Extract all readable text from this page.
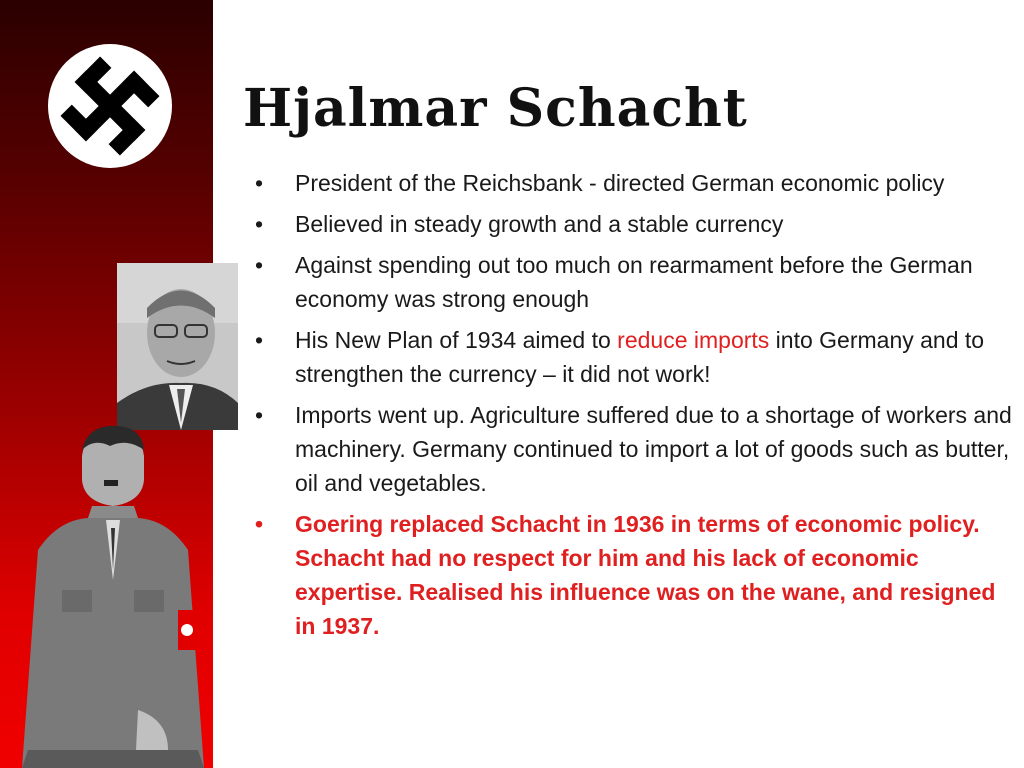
Hjalmar Schacht
• President of the Reichsbank - directed German economic policy
• Believed in steady growth and a stable currency
• Against spending out too much on rearmament before the German economy was strong enough
• His New Plan of 1934 aimed to reduce imports into Germany and to strengthen the currency – it did not work!
• Imports went up. Agriculture suffered due to a shortage of workers and machinery. Germany continued to import a lot of goods such as butter, oil and vegetables.
• Goering replaced Schacht in 1936 in terms of economic policy. Schacht had no respect for him and his lack of economic expertise. Realised his influence was on the wane, and resigned in 1937.
